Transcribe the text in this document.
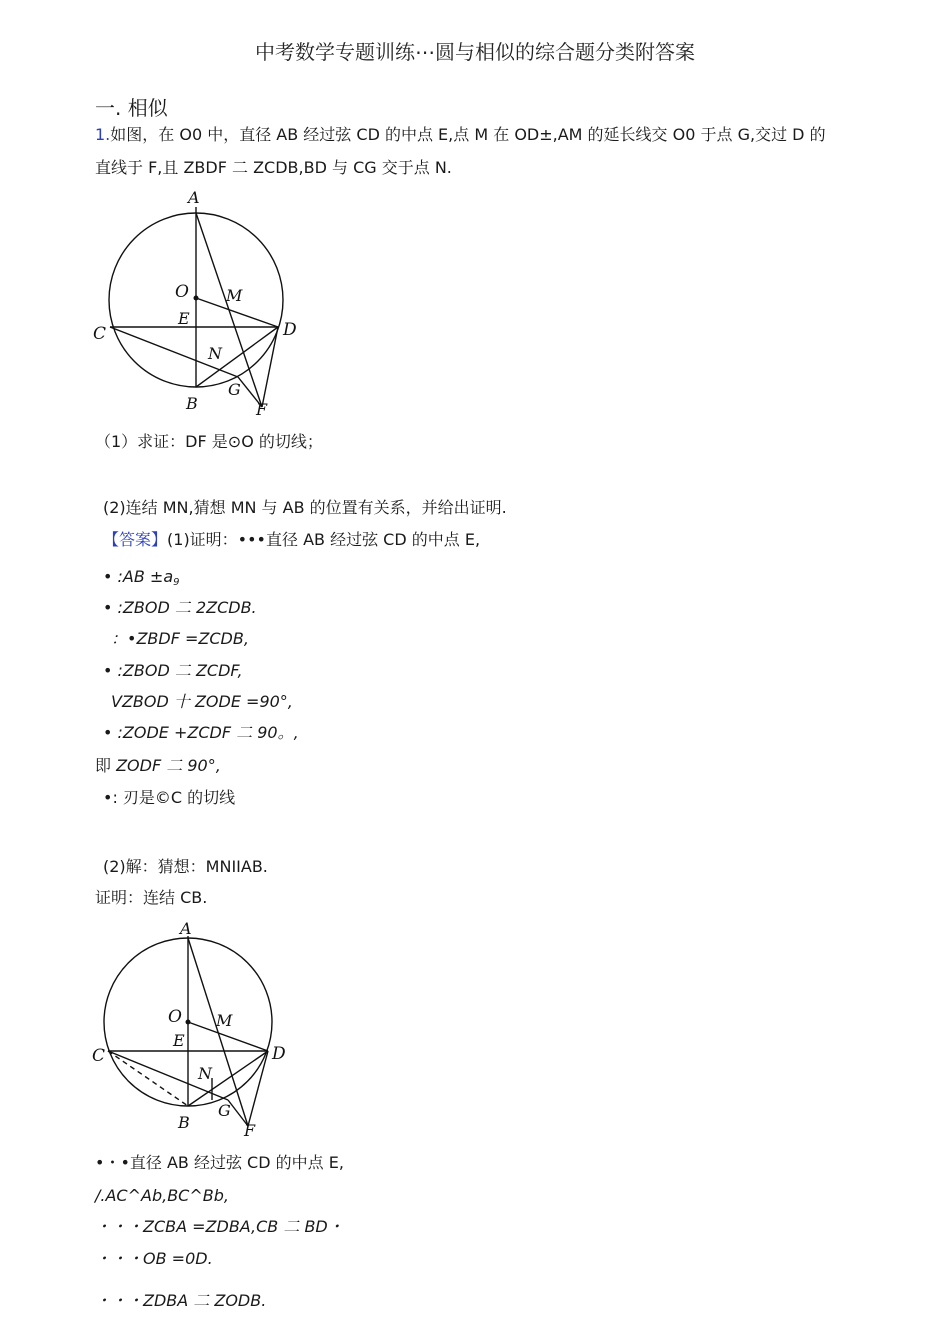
中考数学专题训练⋯圆与相似的综合题分类附答案
一. 相似
1.如图，在 O0 中，直径 AB 经过弦 CD 的中点 E,点 M 在 OD±,AM 的延长线交 O0 于点 G,交过 D 的
直线于 F,且 ZBDF 二 ZCDB,BD 与 CG 交于点 N.
A
O M
E
C	D
N
B
G
F
（1）求证：DF 是⊙O 的切线；
(2)连结 MN,猜想 MN 与 AB 的位置有关系，并给出证明.
【答案】(1)证明：•••直径 AB 经过弦 CD 的中点 E,
• :AB ±a9
• :ZBOD 二 2ZCDB.
：•ZBDF =ZCDB,
• :ZBOD 二 ZCDF,
VZBOD 十 ZODE =90°,
• :ZODE +ZCDF 二 90。,
即 ZODF 二 90°,
•: 刃是©C 的切线
(2)解：猜想：MNIIAB.
证明：连结 CB.
A
O M
E
C	D
N
B
G
F
•・•直径 AB 经过弦 CD 的中点 E,
/.AC^Ab,BC^Bb,
・・・ZCBA =ZDBA,CB 二 BD・
・・・OB =0D.
・・・ZDBA 二 ZODB.
